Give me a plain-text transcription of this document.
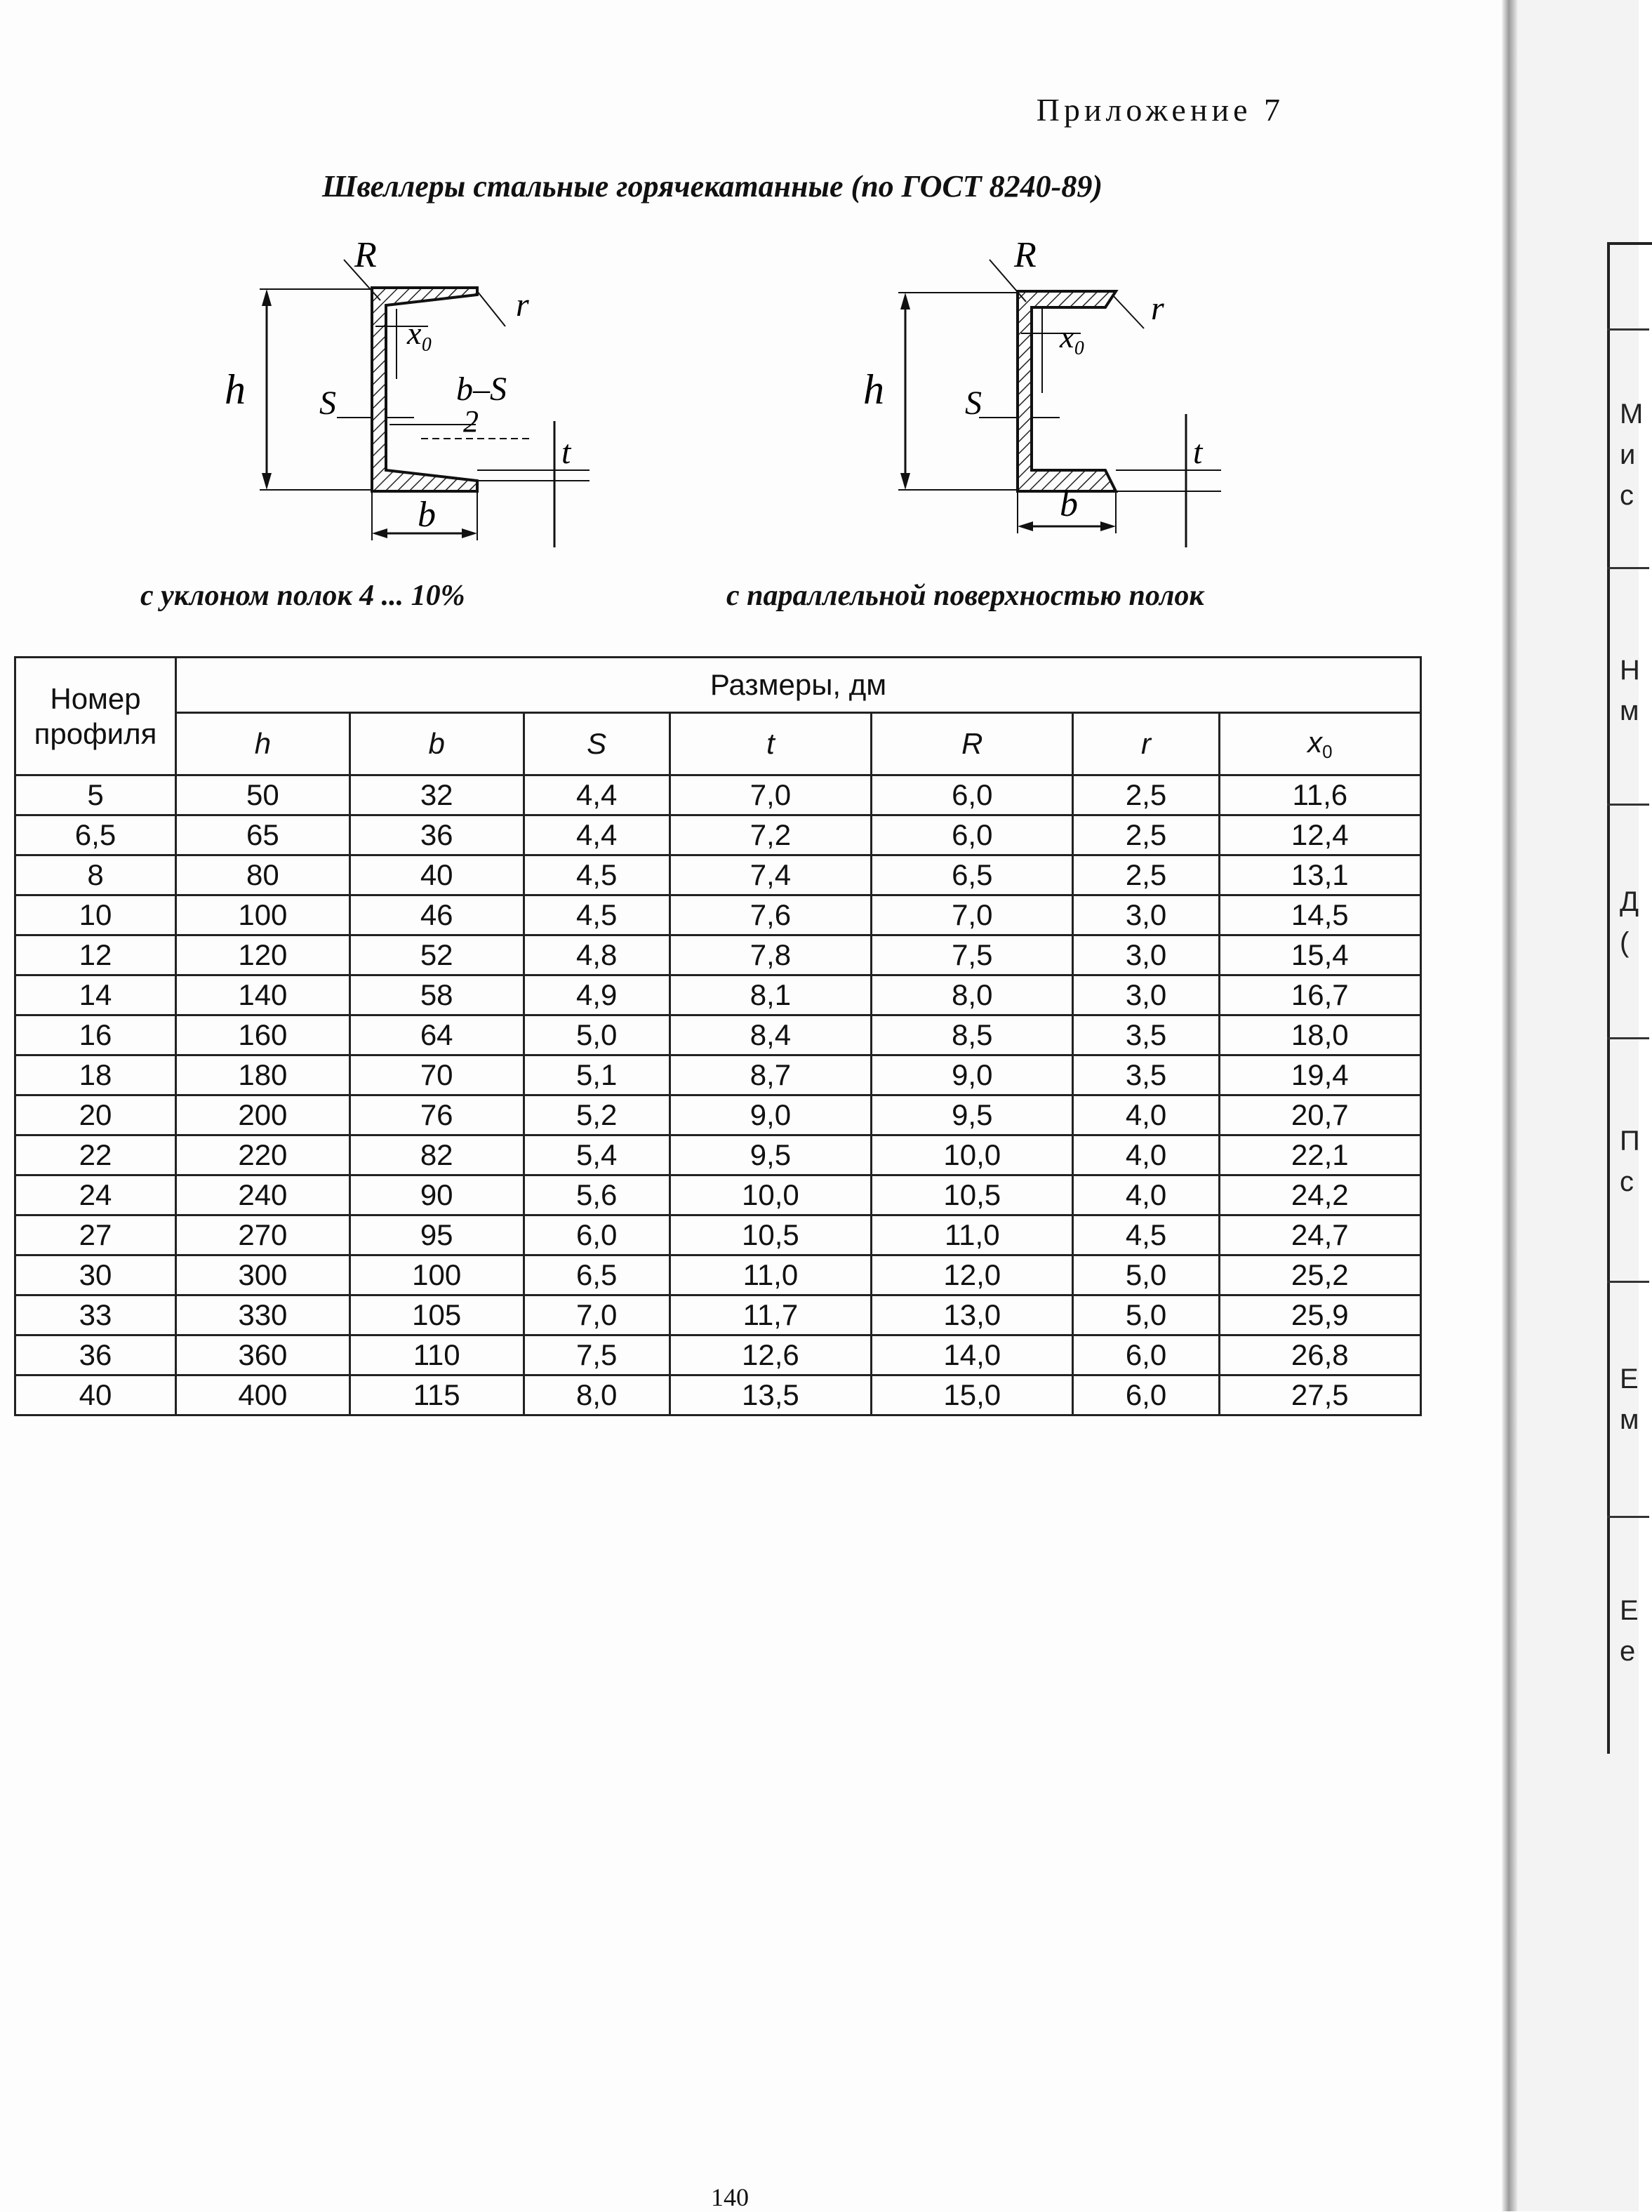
Приложение 7
Швеллеры стальные горячекатанные (по ГОСТ 8240-89)
R
r
x₀
h S	b–S
2
t
b
R
r
x₀
h S
t
b
с уклоном полок 4 ... 10%	с параллельной поверхностью полок
Номер профиля	Размеры, дм						
	h	b	S	t	R	r	x0
5	50	32	4,4	7,0	6,0	2,5	11,6
6,5	65	36	4,4	7,2	6,0	2,5	12,4
8	80	40	4,5	7,4	6,5	2,5	13,1
10	100	46	4,5	7,6	7,0	3,0	14,5
12	120	52	4,8	7,8	7,5	3,0	15,4
14	140	58	4,9	8,1	8,0	3,0	16,7
16	160	64	5,0	8,4	8,5	3,5	18,0
18	180	70	5,1	8,7	9,0	3,5	19,4
20	200	76	5,2	9,0	9,5	4,0	20,7
22	220	82	5,4	9,5	10,0	4,0	22,1
24	240	90	5,6	10,0	10,5	4,0	24,2
27	270	95	6,0	10,5	11,0	4,5	24,7
30	300	100	6,5	11,0	12,0	5,0	25,2
33	330	105	7,0	11,7	13,0	5,0	25,9
36	360	110	7,5	12,6	14,0	6,0	26,8
40	400	115	8,0	13,5	15,0	6,0	27,5
140
М
и
с
Н
м
Д
(
П
с
Е
м
Е
е
